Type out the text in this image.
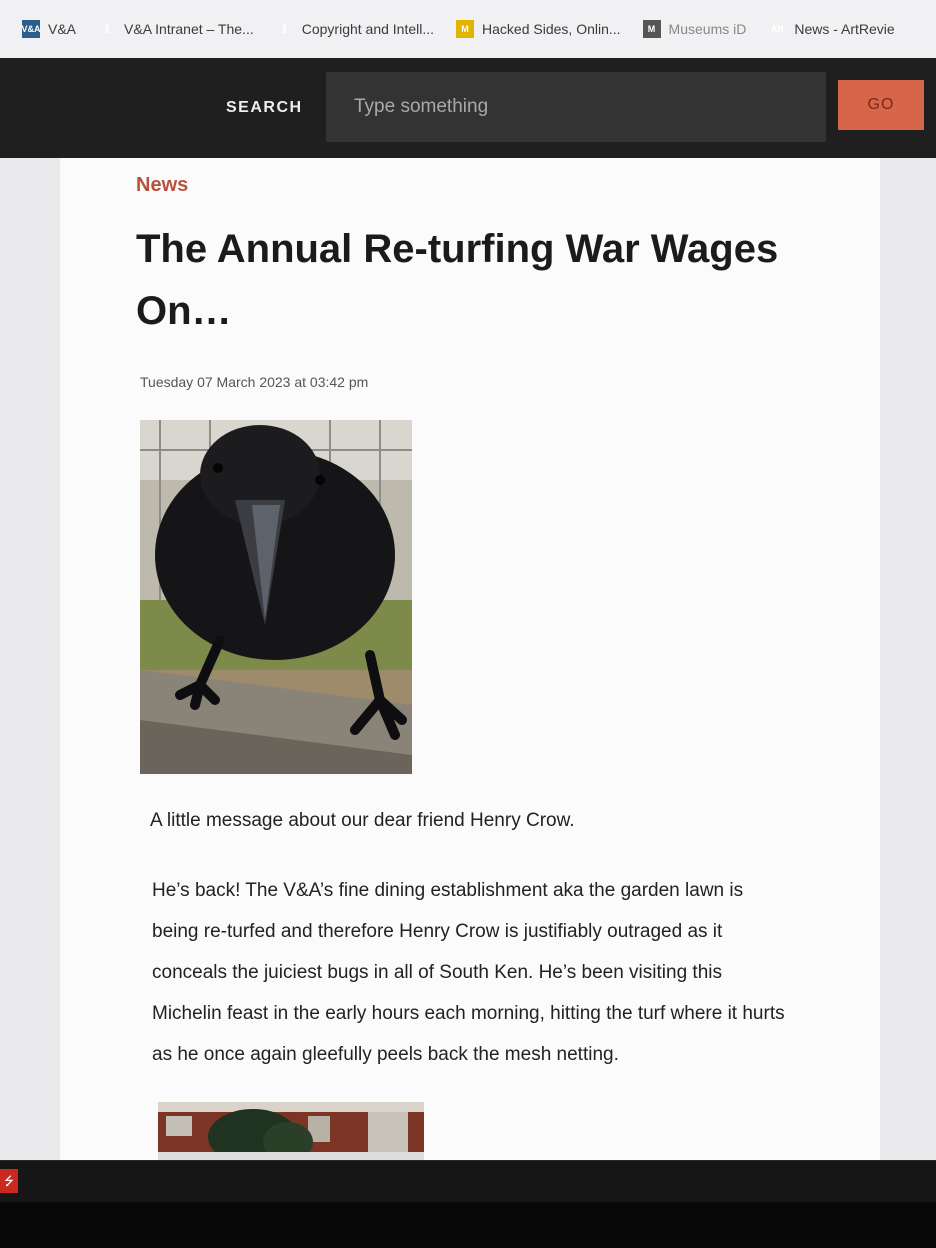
V&A V&A	⫼	V&A Intranet – The...	⫼	Copyright and Intell...	M Hacked Sides, Onlin...	M Museums iD	AR News - ArtRevie
SEARCH
Type something	GO
News
The Annual Re-turfing War Wages On…
Tuesday 07 March 2023 at 03:42 pm

A little message about our dear friend Henry Crow.

He’s back! The V&A’s fine dining establishment aka the garden lawn is being re-turfed and therefore Henry Crow is justifiably outraged as it conceals the juiciest bugs in all of South Ken. He’s been visiting this Michelin feast in the early hours each morning, hitting the turf where it hurts as he once again gleefully peels back the mesh netting.

⭍
